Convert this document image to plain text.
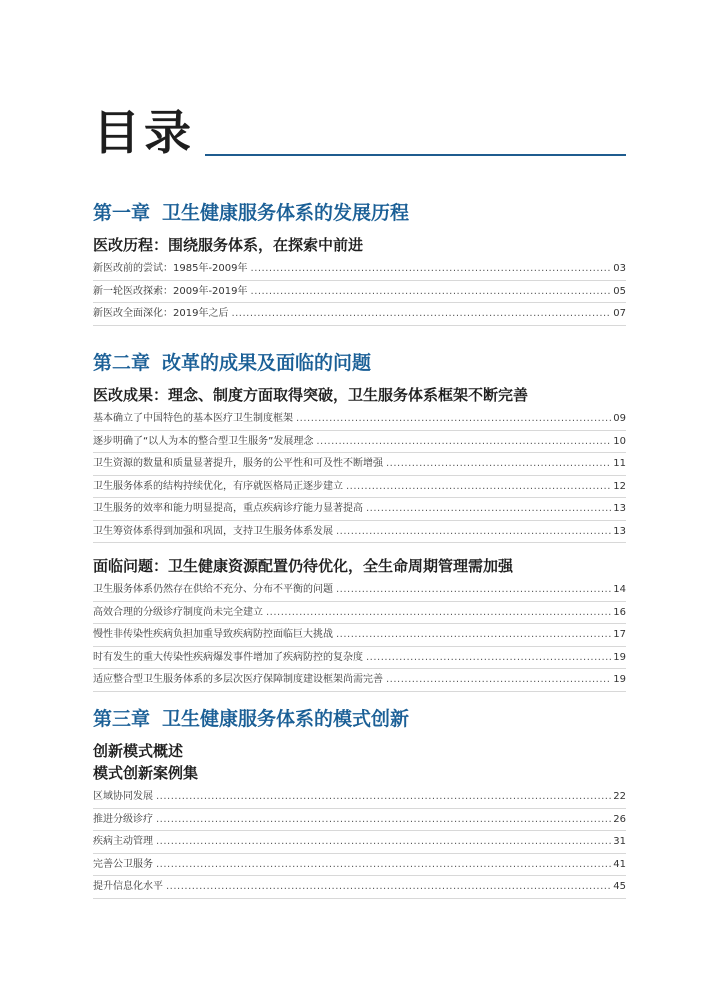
目录
第一章 卫生健康服务体系的发展历程
医改历程：围绕服务体系，在探索中前进
新医改前的尝试：1985年-2009年 .....	03
新一轮医改探索：2009年-2019年 .....	05
新医改全面深化：2019年之后 .....	07
第二章 改革的成果及面临的问题
医改成果：理念、制度方面取得突破，卫生服务体系框架不断完善
基本确立了中国特色的基本医疗卫生制度框架 .....	09
逐步明确了“以人为本的整合型卫生服务”发展理念 .....	10
卫生资源的数量和质量显著提升，服务的公平性和可及性不断增强 .....	11
卫生服务体系的结构持续优化，有序就医格局正逐步建立 .....	12
卫生服务的效率和能力明显提高，重点疾病诊疗能力显著提高 .....	13
卫生筹资体系得到加强和巩固，支持卫生服务体系发展 .....	13
面临问题：卫生健康资源配置仍待优化，全生命周期管理需加强
卫生服务体系仍然存在供给不充分、分布不平衡的问题 .....	14
高效合理的分级诊疗制度尚未完全建立 .....	16
慢性非传染性疾病负担加重导致疾病防控面临巨大挑战 .....	17
时有发生的重大传染性疾病爆发事件增加了疾病防控的复杂度 .....	19
适应整合型卫生服务体系的多层次医疗保障制度建设框架尚需完善 .....	19
第三章 卫生健康服务体系的模式创新
创新模式概述
模式创新案例集
区域协同发展 .....	22
推进分级诊疗 .....	26
疾病主动管理 .....	31
完善公卫服务 .....	41
提升信息化水平 .....	45
